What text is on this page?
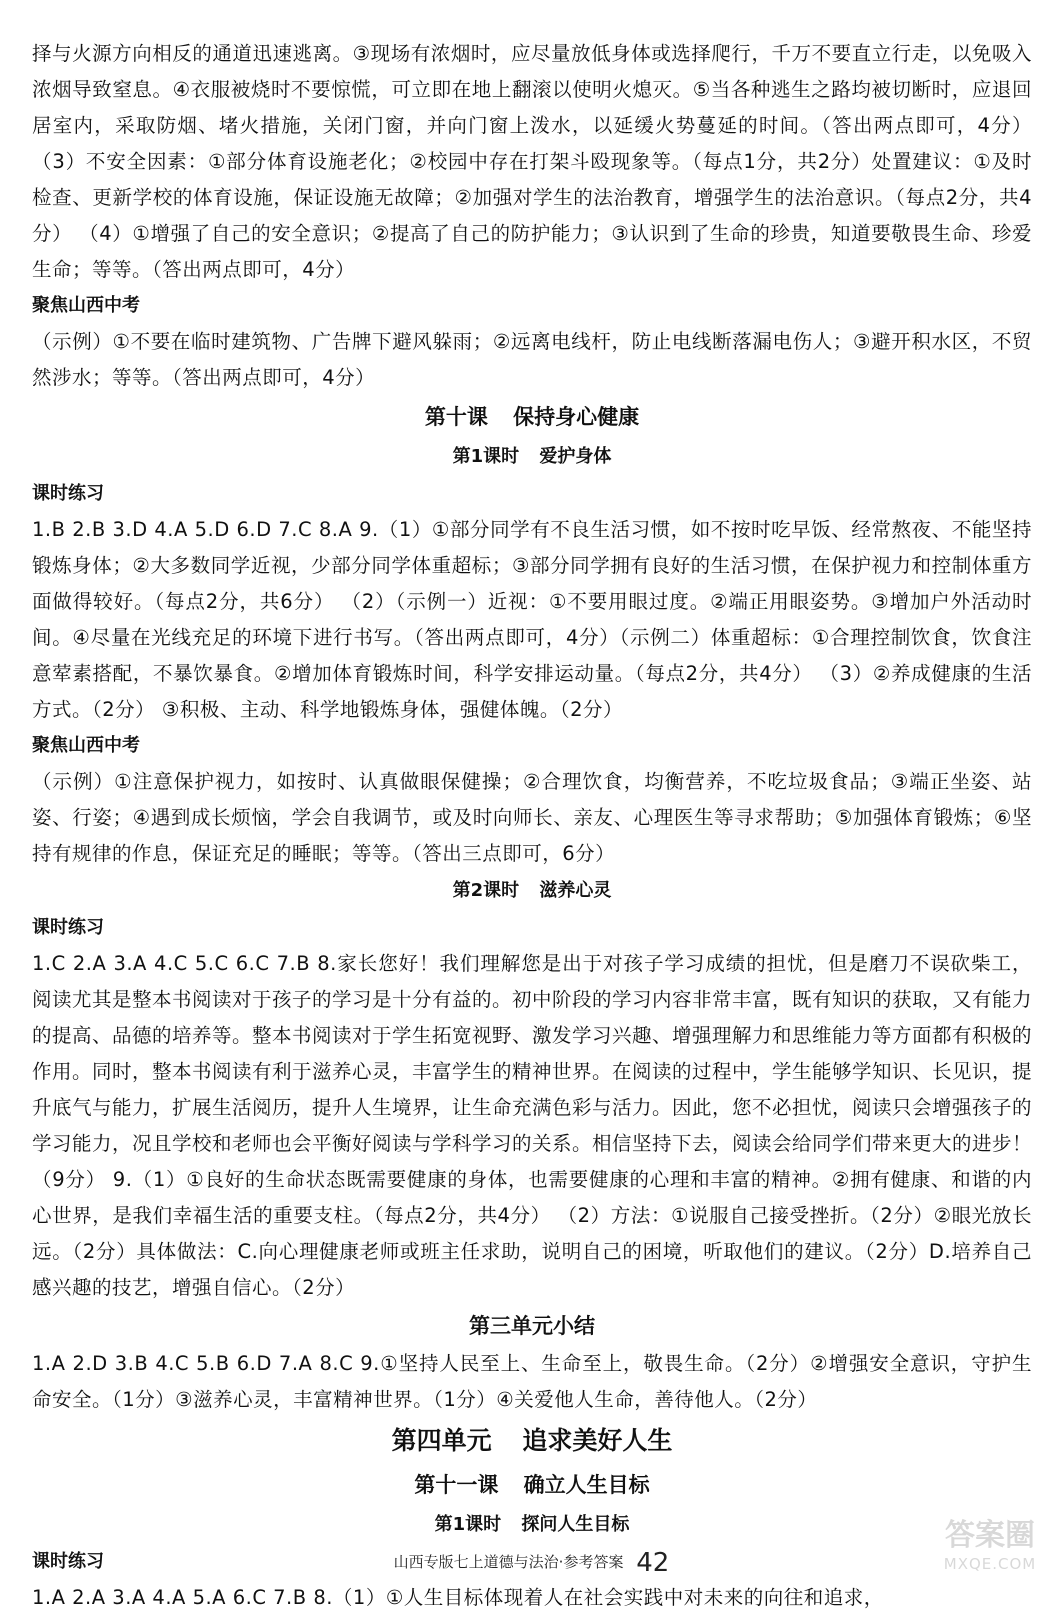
择与火源方向相反的通道迅速逃离。③现场有浓烟时，应尽量放低身体或选择爬行，千万不要直立行走，以免吸入浓烟导致窒息。④衣服被烧时不要惊慌，可立即在地上翻滚以使明火熄灭。⑤当各种逃生之路均被切断时，应退回居室内，采取防烟、堵火措施，关闭门窗，并向门窗上泼水，以延缓火势蔓延的时间。（答出两点即可，4分） （3）不安全因素：①部分体育设施老化；②校园中存在打架斗殴现象等。（每点1分，共2分）处置建议：①及时检查、更新学校的体育设施，保证设施无故障；②加强对学生的法治教育，增强学生的法治意识。（每点2分，共4分） （4）①增强了自己的安全意识；②提高了自己的防护能力；③认识到了生命的珍贵，知道要敬畏生命、珍爱生命；等等。（答出两点即可，4分）

聚焦山西中考

（示例）①不要在临时建筑物、广告牌下避风躲雨；②远离电线杆，防止电线断落漏电伤人；③避开积水区，不贸然涉水；等等。（答出两点即可，4分）

第十课 保持身心健康
第1课时 爱护身体
课时练习

1.B 2.B 3.D 4.A 5.D 6.D 7.C 8.A 9.（1）①部分同学有不良生活习惯，如不按时吃早饭、经常熬夜、不能坚持锻炼身体；②大多数同学近视，少部分同学体重超标；③部分同学拥有良好的生活习惯，在保护视力和控制体重方面做得较好。（每点2分，共6分） （2）（示例一）近视：①不要用眼过度。②端正用眼姿势。③增加户外活动时间。④尽量在光线充足的环境下进行书写。（答出两点即可，4分）（示例二）体重超标：①合理控制饮食，饮食注意荤素搭配，不暴饮暴食。②增加体育锻炼时间，科学安排运动量。（每点2分，共4分） （3）②养成健康的生活方式。（2分） ③积极、主动、科学地锻炼身体，强健体魄。（2分）

聚焦山西中考

（示例）①注意保护视力，如按时、认真做眼保健操；②合理饮食，均衡营养，不吃垃圾食品；③端正坐姿、站姿、行姿；④遇到成长烦恼，学会自我调节，或及时向师长、亲友、心理医生等寻求帮助；⑤加强体育锻炼；⑥坚持有规律的作息，保证充足的睡眠；等等。（答出三点即可，6分）

第2课时 滋养心灵
课时练习

1.C 2.A 3.A 4.C 5.C 6.C 7.B 8.家长您好！我们理解您是出于对孩子学习成绩的担忧，但是磨刀不误砍柴工，阅读尤其是整本书阅读对于孩子的学习是十分有益的。初中阶段的学习内容非常丰富，既有知识的获取，又有能力的提高、品德的培养等。整本书阅读对于学生拓宽视野、激发学习兴趣、增强理解力和思维能力等方面都有积极的作用。同时，整本书阅读有利于滋养心灵，丰富学生的精神世界。在阅读的过程中，学生能够学知识、长见识，提升底气与能力，扩展生活阅历，提升人生境界，让生命充满色彩与活力。因此，您不必担忧，阅读只会增强孩子的学习能力，况且学校和老师也会平衡好阅读与学科学习的关系。相信坚持下去，阅读会给同学们带来更大的进步！（9分） 9.（1）①良好的生命状态既需要健康的身体，也需要健康的心理和丰富的精神。②拥有健康、和谐的内心世界，是我们幸福生活的重要支柱。（每点2分，共4分） （2）方法：①说服自己接受挫折。（2分）②眼光放长远。（2分）具体做法：C.向心理健康老师或班主任求助，说明自己的困境，听取他们的建议。（2分）D.培养自己感兴趣的技艺，增强自信心。（2分）

第三单元小结

1.A 2.D 3.B 4.C 5.B 6.D 7.A 8.C 9.①坚持人民至上、生命至上，敬畏生命。（2分）②增强安全意识，守护生命安全。（1分）③滋养心灵，丰富精神世界。（1分）④关爱他人生命，善待他人。（2分）

第四单元 追求美好人生
第十一课 确立人生目标
第1课时 探问人生目标
课时练习

1.A 2.A 3.A 4.A 5.A 6.C 7.B 8.（1）①人生目标体现着人在社会实践中对未来的向往和追求，

山西专版七上道德与法治·参考答案 42
答案圈
MXQE.COM
